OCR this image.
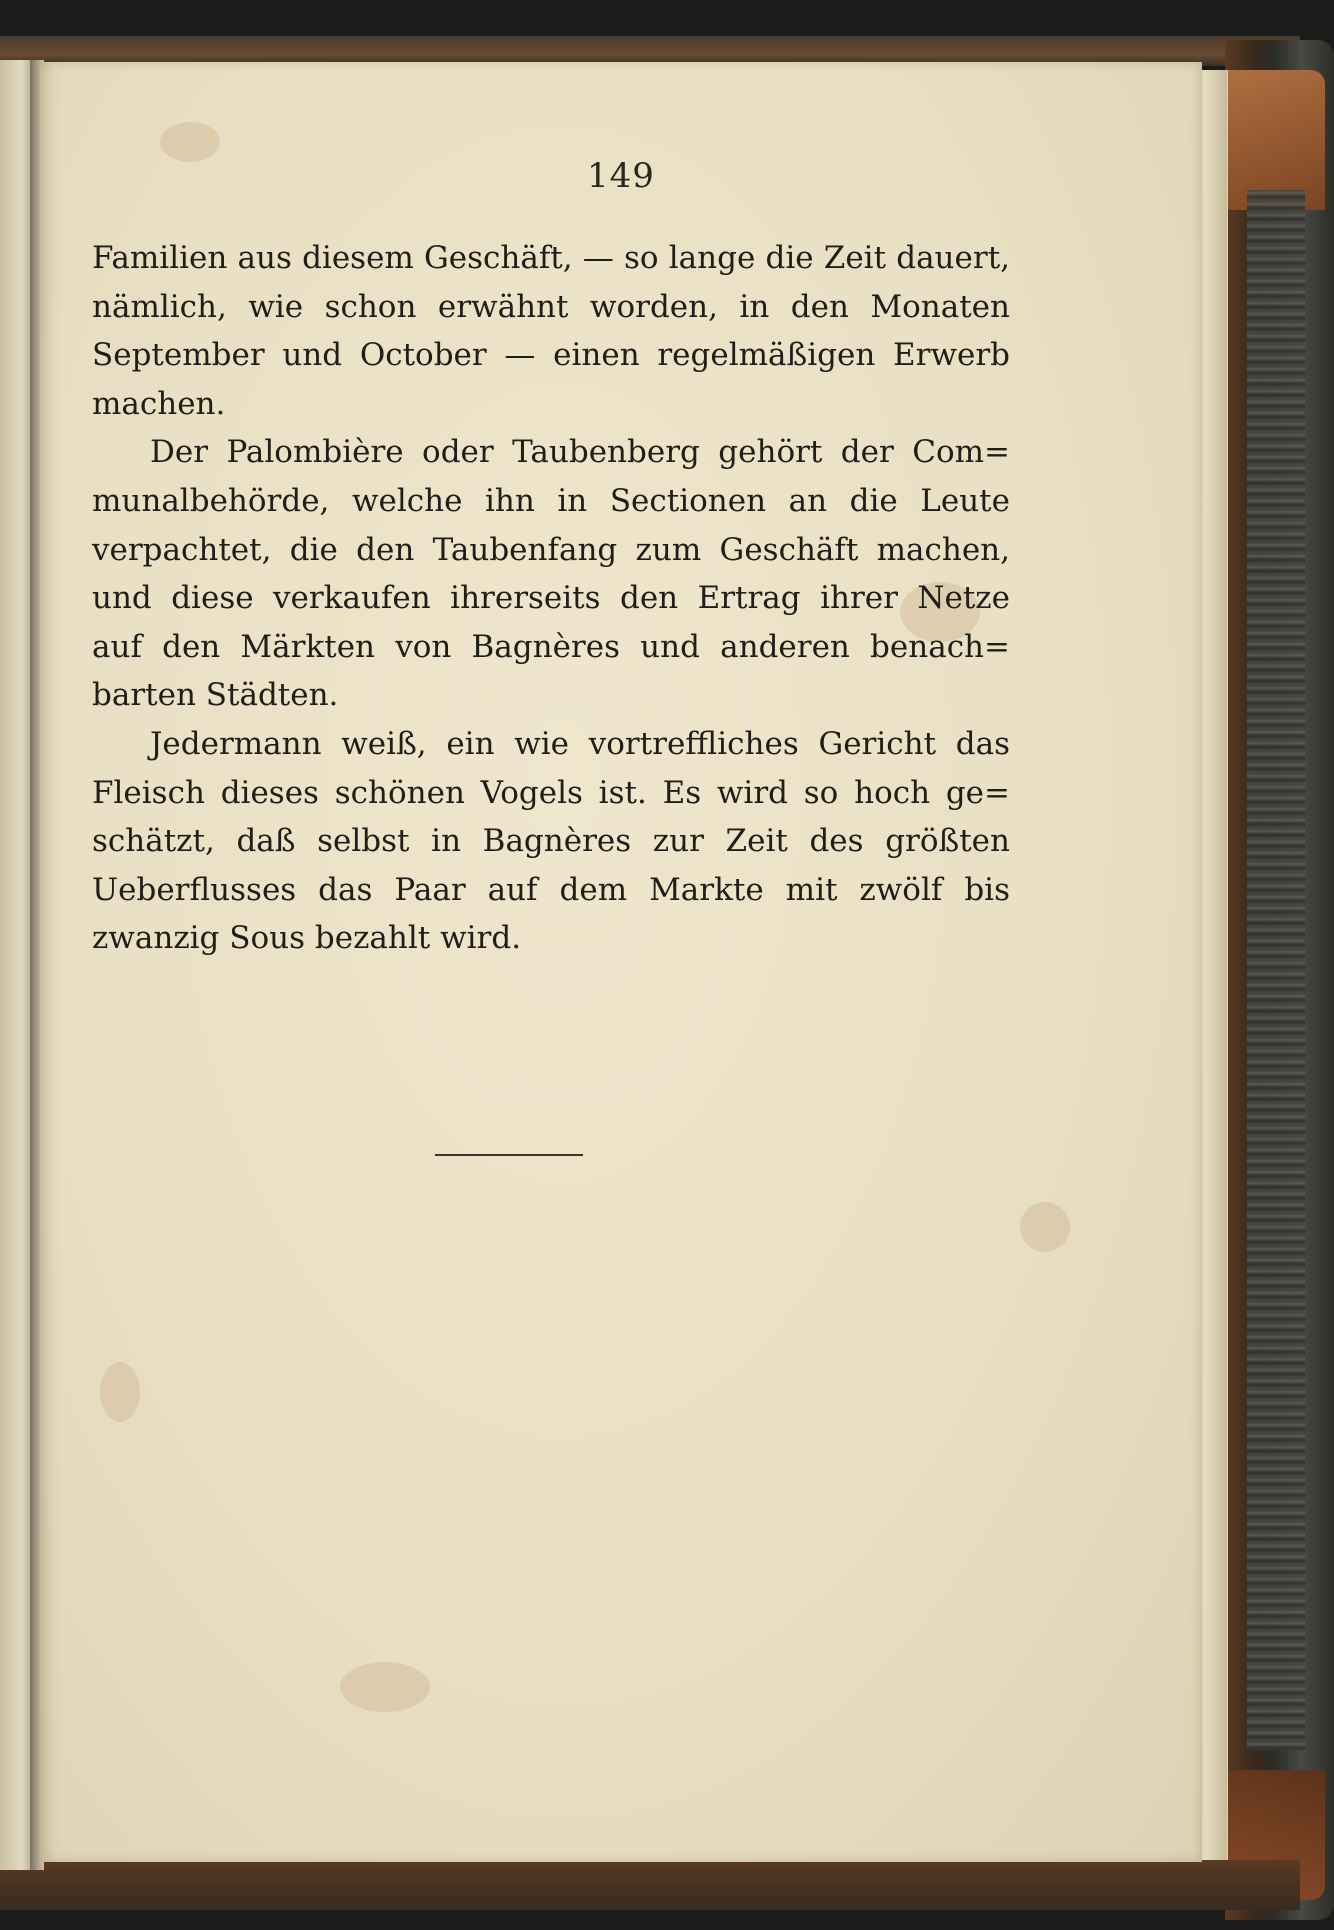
149
Familien aus diesem Geschäft, — so lange die Zeit dauert,
nämlich, wie schon erwähnt worden, in den Monaten
September und October — einen regelmäßigen Erwerb
machen.
Der Palombière oder Taubenberg gehört der Com=
munalbehörde, welche ihn in Sectionen an die Leute
verpachtet, die den Taubenfang zum Geschäft machen,
und diese verkaufen ihrerseits den Ertrag ihrer Netze
auf den Märkten von Bagnères und anderen benach=
barten Städten.
Jedermann weiß, ein wie vortreffliches Gericht das
Fleisch dieses schönen Vogels ist. Es wird so hoch ge=
schätzt, daß selbst in Bagnères zur Zeit des größten
Ueberflusses das Paar auf dem Markte mit zwölf bis
zwanzig Sous bezahlt wird.
